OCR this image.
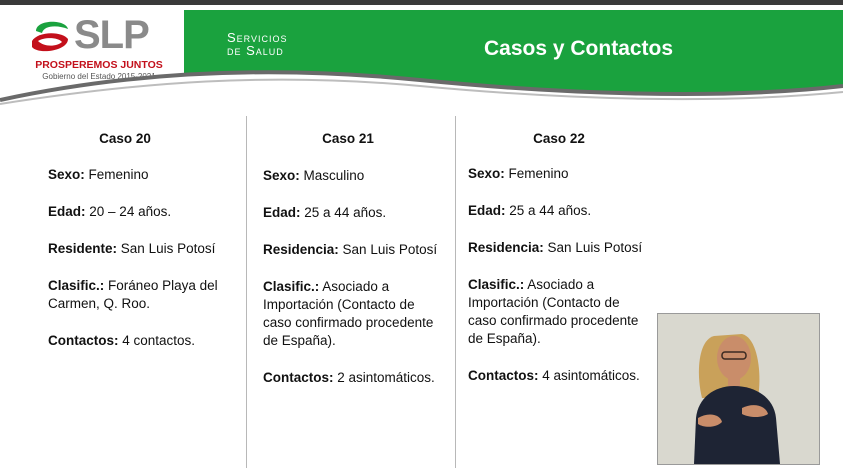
SLP
PROSPEREMOS JUNTOS
Gobierno del Estado 2015-2021
Servicios
de Salud	Casos y Contactos
Caso 20

Sexo: Femenino

Edad: 20 – 24 años.

Residente: San Luis Potosí

Clasific.: Foráneo Playa del Carmen, Q. Roo.

Contactos: 4 contactos.

Caso 21

Sexo: Masculino

Edad: 25 a 44 años.

Residencia: San Luis Potosí

Clasific.: Asociado a Importación (Contacto de caso confirmado procedente de España).

Contactos: 2 asintomáticos.

Caso 22

Sexo: Femenino

Edad: 25 a 44 años.

Residencia: San Luis Potosí

Clasific.: Asociado a Importación (Contacto de caso confirmado procedente de España).

Contactos: 4 asintomáticos.
